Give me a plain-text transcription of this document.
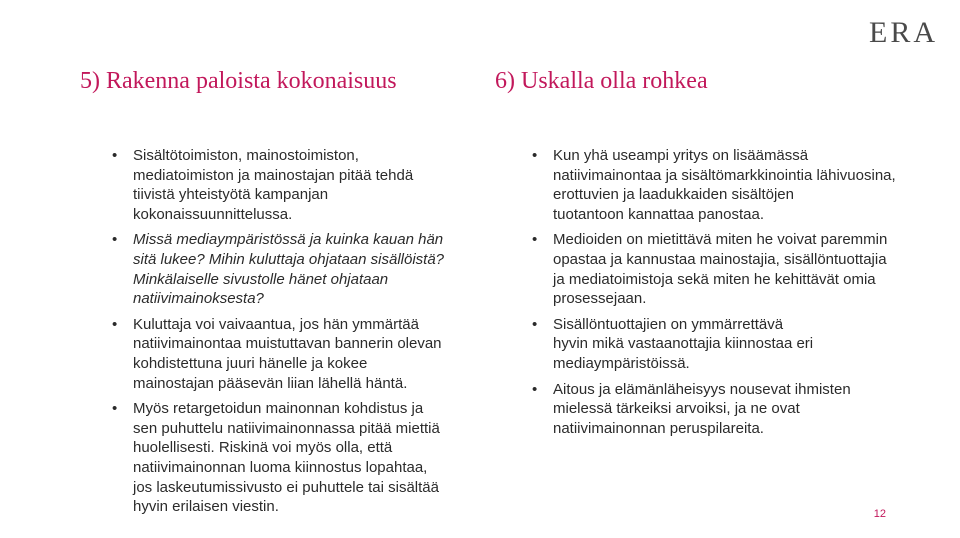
ERA
5) Rakenna paloista kokonaisuus	6) Uskalla olla rohkea
• Sisältötoimiston, mainostoimiston,
mediatoimiston ja mainostajan pitää tehdä
tiivistä yhteistyötä kampanjan
kokonaissuunnittelussa.
• Missä mediaympäristössä ja kuinka kauan hän
sitä lukee? Mihin kuluttaja ohjataan sisällöistä?
Minkälaiselle sivustolle hänet ohjataan
natiivimainoksesta?
• Kuluttaja voi vaivaantua, jos hän ymmärtää
natiivimainontaa muistuttavan bannerin olevan
kohdistettuna juuri hänelle ja kokee
mainostajan pääsevän liian lähellä häntä.
• Myös retargetoidun mainonnan kohdistus ja
sen puhuttelu natiivimainonnassa pitää miettiä
huolellisesti. Riskinä voi myös olla, että
natiivimainonnan luoma kiinnostus lopahtaa,
jos laskeutumissivusto ei puhuttele tai sisältää
hyvin erilaisen viestin.
• Kun yhä useampi yritys on lisäämässä
natiivimainontaa ja sisältömarkkinointia lähivuosina,
erottuvien ja laadukkaiden sisältöjen
tuotantoon kannattaa panostaa.
• Medioiden on mietittävä miten he voivat paremmin
opastaa ja kannustaa mainostajia, sisällöntuottajia
ja mediatoimistoja sekä miten he kehittävät omia
prosessejaan.
• Sisällöntuottajien on ymmärrettävä
hyvin mikä vastaanottajia kiinnostaa eri
mediaympäristöissä.
• Aitous ja elämänläheisyys nousevat ihmisten
mielessä tärkeiksi arvoiksi, ja ne ovat
natiivimainonnan peruspilareita.
12
